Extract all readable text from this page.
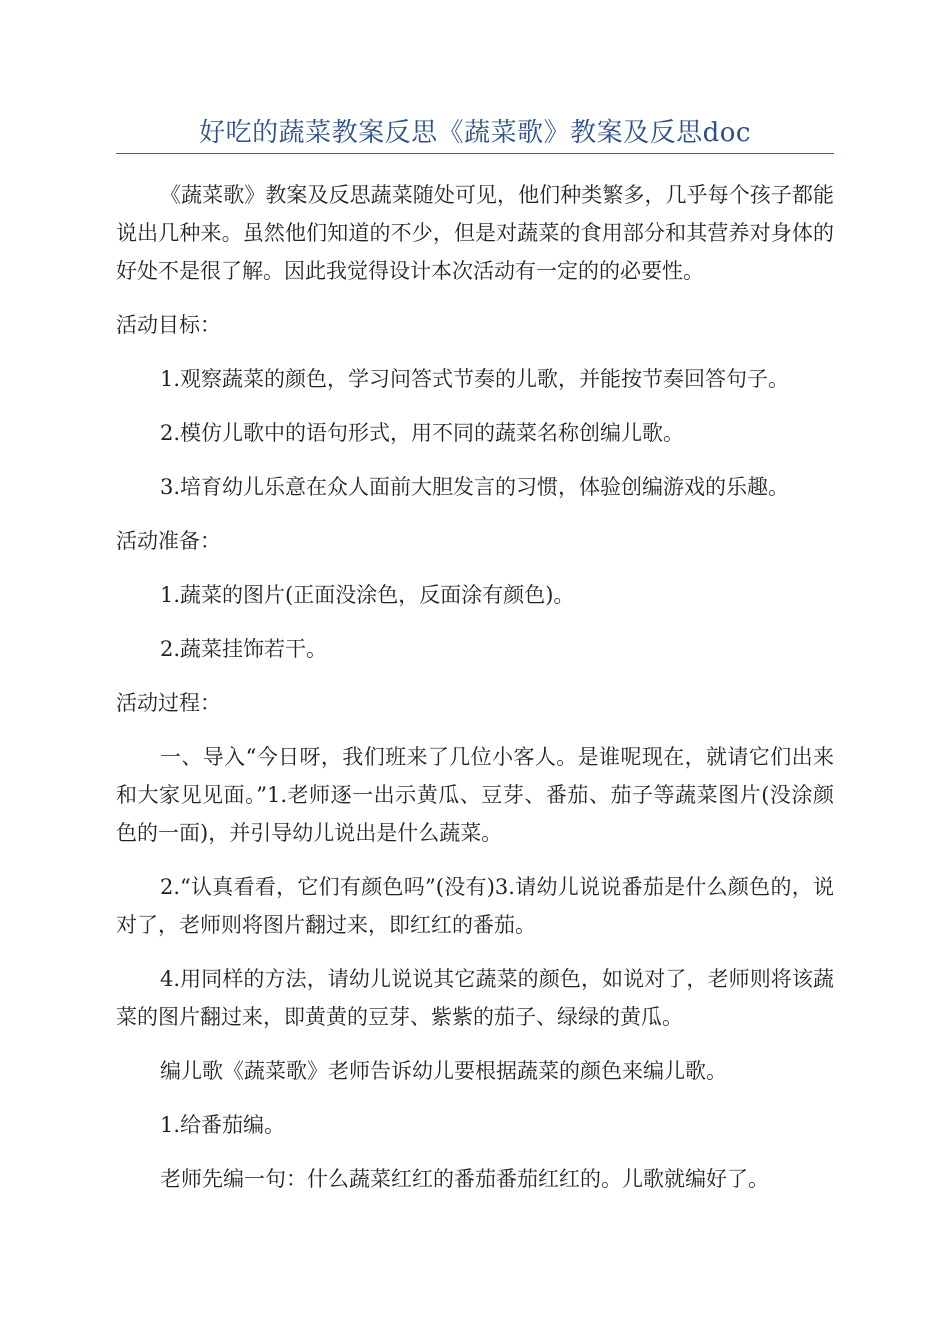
好吃的蔬菜教案反思《蔬菜歌》教案及反思doc

《蔬菜歌》教案及反思蔬菜随处可见，他们种类繁多，几乎每个孩子都能说出几种来。虽然他们知道的不少，但是对蔬菜的食用部分和其营养对身体的好处不是很了解。因此我觉得设计本次活动有一定的的必要性。

活动目标：

1.观察蔬菜的颜色，学习问答式节奏的儿歌，并能按节奏回答句子。

2.模仿儿歌中的语句形式，用不同的蔬菜名称创编儿歌。

3.培育幼儿乐意在众人面前大胆发言的习惯，体验创编游戏的乐趣。

活动准备：

1.蔬菜的图片(正面没涂色，反面涂有颜色)。

2.蔬菜挂饰若干。

活动过程：

一、导入“今日呀，我们班来了几位小客人。是谁呢现在，就请它们出来和大家见见面。”1.老师逐一出示黄瓜、豆芽、番茄、茄子等蔬菜图片(没涂颜色的一面)，并引导幼儿说出是什么蔬菜。

2.“认真看看，它们有颜色吗”(没有)3.请幼儿说说番茄是什么颜色的，说对了，老师则将图片翻过来，即红红的番茄。

4.用同样的方法，请幼儿说说其它蔬菜的颜色，如说对了，老师则将该蔬菜的图片翻过来，即黄黄的豆芽、紫紫的茄子、绿绿的黄瓜。

编儿歌《蔬菜歌》老师告诉幼儿要根据蔬菜的颜色来编儿歌。

1.给番茄编。

老师先编一句：什么蔬菜红红的番茄番茄红红的。儿歌就编好了。
